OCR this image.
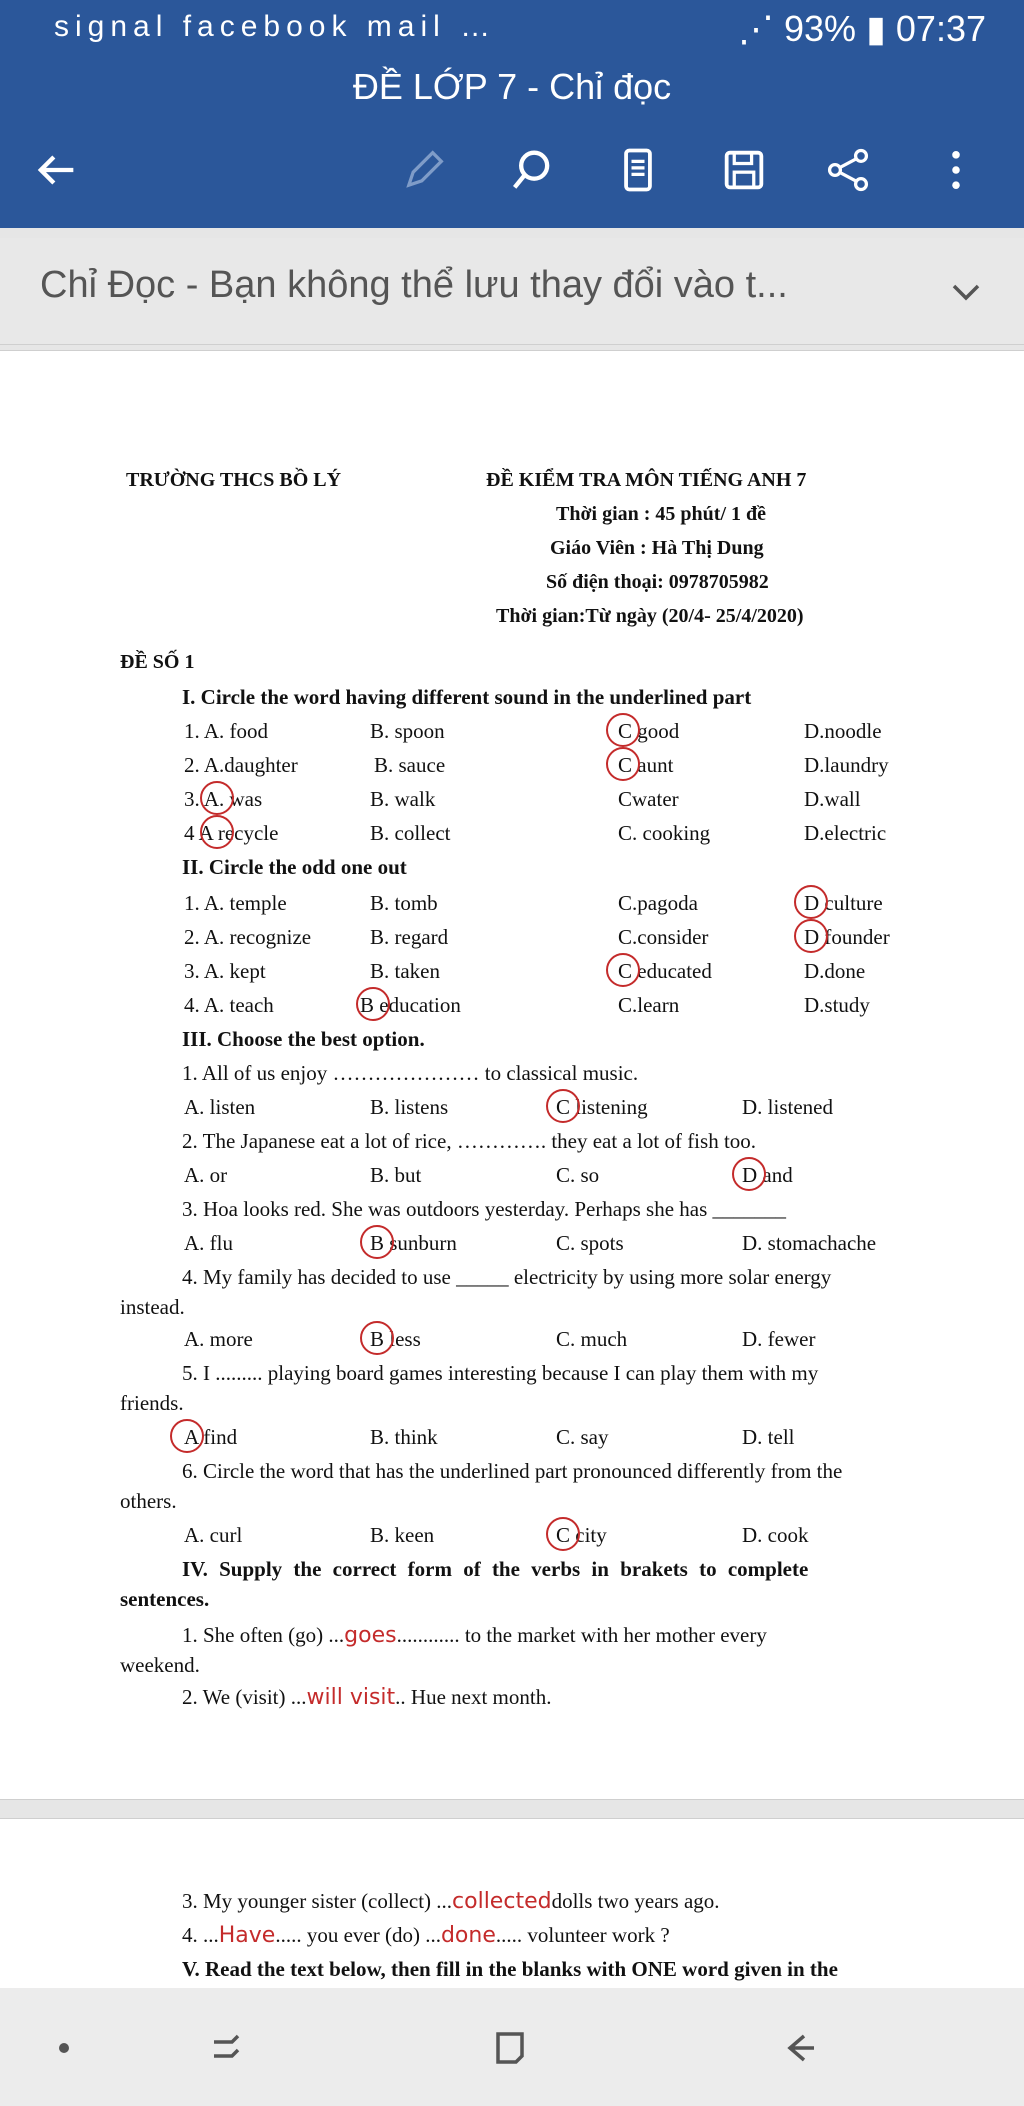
signal facebook mail …	⋰ 93% ▮ 07:37
ĐỀ LỚP 7 - Chỉ đọc
Chỉ Đọc - Bạn không thể lưu thay đổi vào t...
TRƯỜNG THCS BỒ LÝ	ĐỀ KIỂM TRA MÔN TIẾNG ANH 7
Thời gian : 45 phút/ 1 đề
Giáo Viên : Hà Thị Dung
Số điện thoại: 0978705982
Thời gian:Từ ngày (20/4- 25/4/2020)
ĐỀ SỐ 1
I. Circle the word having different sound in the underlined part
1. A. food	B. spoon	C good	D.noodle
2. A.daughter	B. sauce	C aunt	D.laundry
3. A. was	B. walk	Cwater	D.wall
4 A recycle	B. collect	C. cooking	D.electric
II. Circle the odd one out
1. A. temple	B. tomb	C.pagoda	D culture
2. A. recognize	B. regard	C.consider	D founder
3. A. kept	B. taken	C educated	D.done
4. A. teach	B education	C.learn	D.study
III. Choose the best option.
1. All of us enjoy ………………… to classical music.
A. listen	B. listens	C listening	D. listened
2. The Japanese eat a lot of rice, …………. they eat a lot of fish too.
A. or	B. but	C. so	D and
3. Hoa looks red. She was outdoors yesterday. Perhaps she has _______
A. flu	B sunburn	C. spots	D. stomachache
4. My family has decided to use _____ electricity by using more solar energy
instead.
A. more	B less	C. much	D. fewer
5. I ......... playing board games interesting because I can play them with my
friends.
A find	B. think	C. say	D. tell
6. Circle the word that has the underlined part pronounced differently from the
others.
A. curl	B. keen	C city	D. cook
IV. Supply the correct form of the verbs in brakets to complete
sentences.
1. She often (go) ...goes............ to the market with her mother every
weekend.
2. We (visit) ...will visit.. Hue next month.
3. My younger sister (collect) ...collecteddolls two years ago.
4. ...Have..... you ever (do) ...done..... volunteer work ?
V. Read the text below, then fill in the blanks with ONE word given in the
